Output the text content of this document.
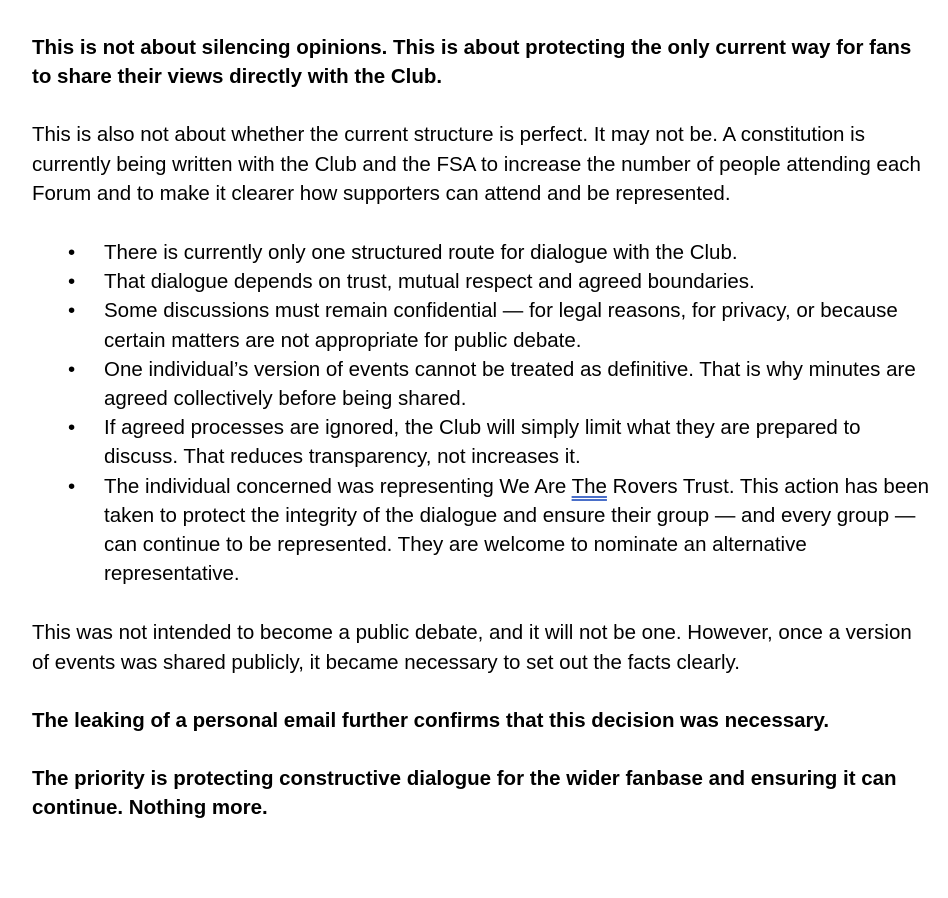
This is not about silencing opinions. This is about protecting the only current way for fans to share their views directly with the Club.

This is also not about whether the current structure is perfect. It may not be. A constitution is currently being written with the Club and the FSA to increase the number of people attending each Forum and to make it clearer how supporters can attend and be represented.

• There is currently only one structured route for dialogue with the Club.
• That dialogue depends on trust, mutual respect and agreed boundaries.
• Some discussions must remain confidential — for legal reasons, for privacy, or because certain matters are not appropriate for public debate.
• One individual’s version of events cannot be treated as definitive. That is why minutes are agreed collectively before being shared.
• If agreed processes are ignored, the Club will simply limit what they are prepared to discuss. That reduces transparency, not increases it.
• The individual concerned was representing We Are The Rovers Trust. This action has been taken to protect the integrity of the dialogue and ensure their group — and every group — can continue to be represented. They are welcome to nominate an alternative representative.

This was not intended to become a public debate, and it will not be one. However, once a version of events was shared publicly, it became necessary to set out the facts clearly.

The leaking of a personal email further confirms that this decision was necessary.

The priority is protecting constructive dialogue for the wider fanbase and ensuring it can continue. Nothing more.
